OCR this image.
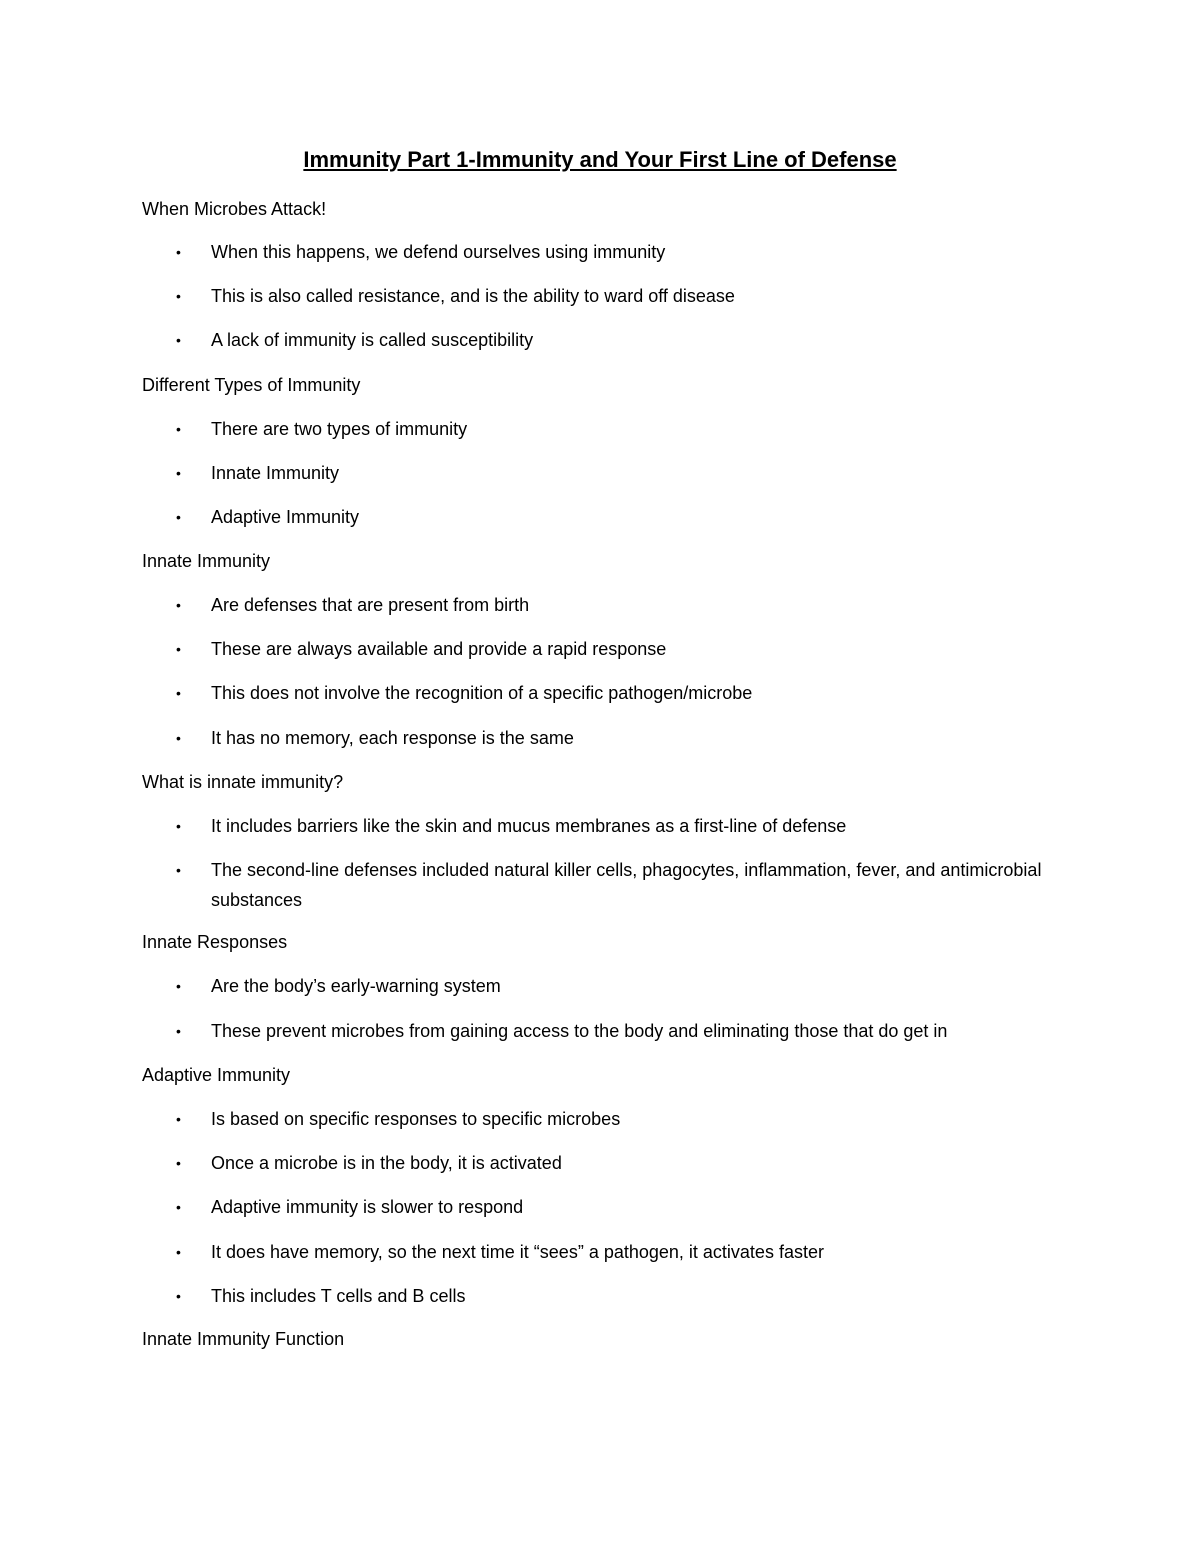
Immunity Part 1-Immunity and Your First Line of Defense

When Microbes Attack!

• When this happens, we defend ourselves using immunity
• This is also called resistance, and is the ability to ward off disease
• A lack of immunity is called susceptibility

Different Types of Immunity

• There are two types of immunity
• Innate Immunity
• Adaptive Immunity

Innate Immunity

• Are defenses that are present from birth
• These are always available and provide a rapid response
• This does not involve the recognition of a specific pathogen/microbe
• It has no memory, each response is the same

What is innate immunity?

• It includes barriers like the skin and mucus membranes as a first-line of defense
• The second-line defenses included natural killer cells, phagocytes, inflammation, fever, and antimicrobial substances

Innate Responses

• Are the body’s early-warning system
• These prevent microbes from gaining access to the body and eliminating those that do get in

Adaptive Immunity

• Is based on specific responses to specific microbes
• Once a microbe is in the body, it is activated
• Adaptive immunity is slower to respond
• It does have memory, so the next time it “sees” a pathogen, it activates faster
• This includes T cells and B cells

Innate Immunity Function
